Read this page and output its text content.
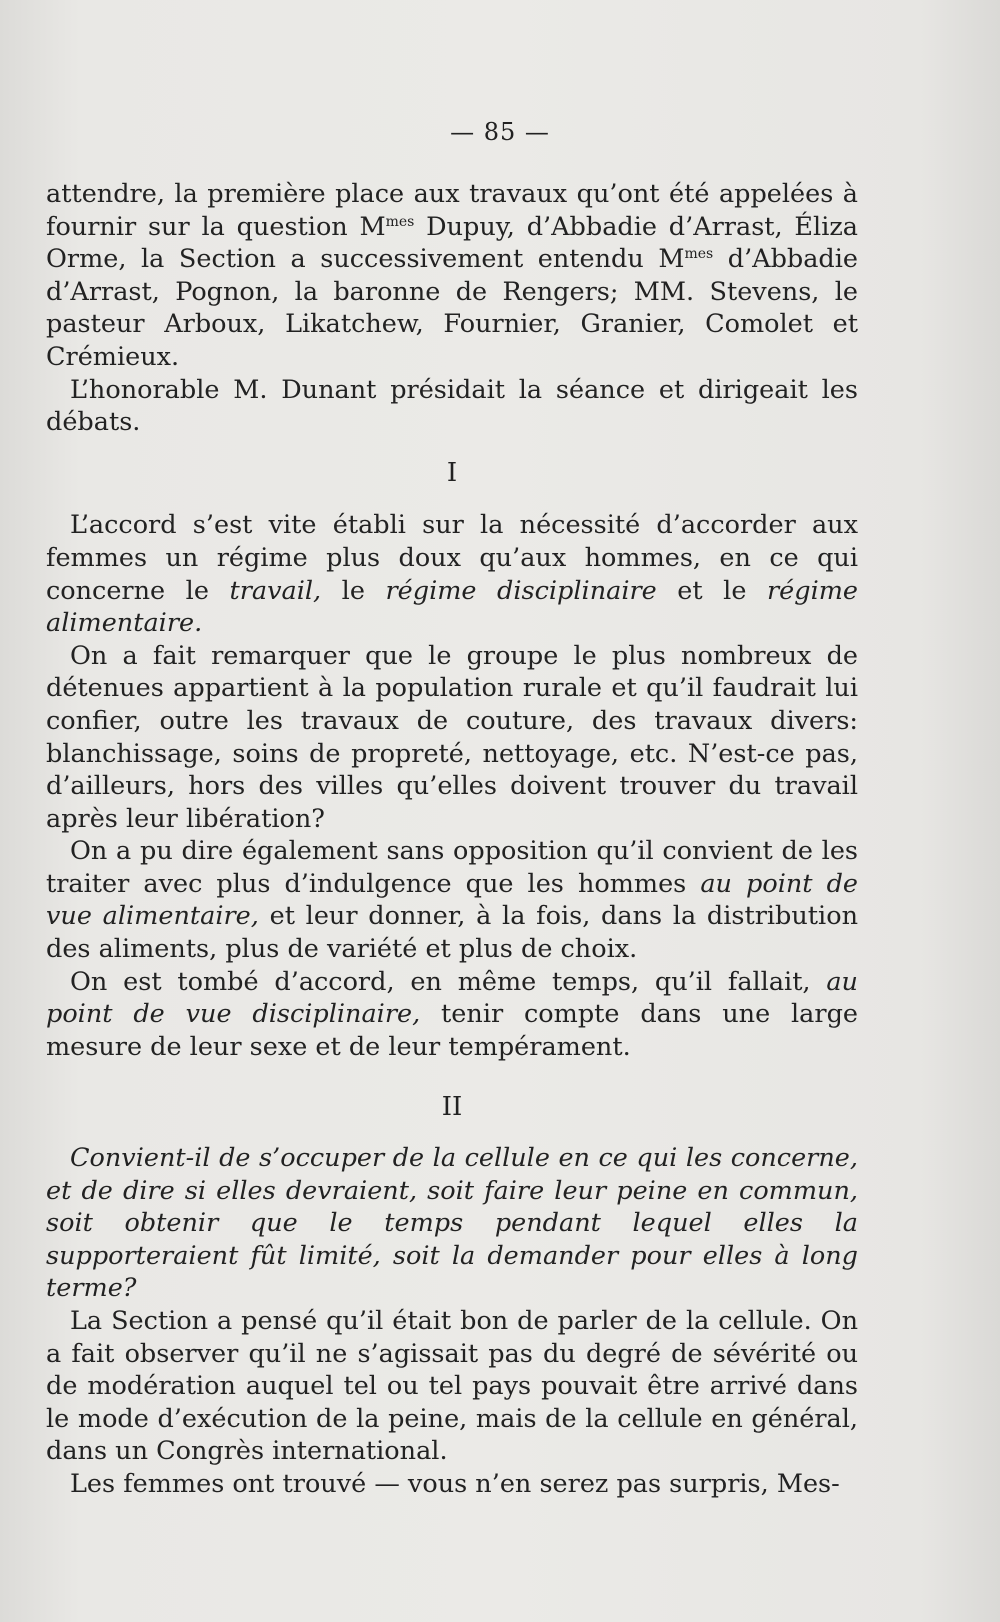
— 85 —

attendre, la première place aux travaux qu’ont été appelées à fournir sur la question $M^{mes}$ Dupuy, d’Abbadie d’Arrast, Éliza Orme, la Section a successivement entendu $M^{mes}$ d’Abbadie d’Arrast, Pognon, la baronne de Rengers; MM. Stevens, le pasteur Arboux, Likatchew, Fournier, Granier, Comolet et Crémieux.

L’honorable M. Dunant présidait la séance et dirigeait les débats.

I

L’accord s’est vite établi sur la nécessité d’accorder aux femmes un régime plus doux qu’aux hommes, en ce qui concerne le travail, le régime disciplinaire et le régime alimentaire.

On a fait remarquer que le groupe le plus nombreux de détenues appartient à la population rurale et qu’il faudrait lui confier, outre les travaux de couture, des travaux divers: blanchissage, soins de propreté, nettoyage, etc. N’est-ce pas, d’ailleurs, hors des villes qu’elles doivent trouver du travail après leur libération?

On a pu dire également sans opposition qu’il convient de les traiter avec plus d’indulgence que les hommes au point de vue alimentaire, et leur donner, à la fois, dans la distribution des aliments, plus de variété et plus de choix.

On est tombé d’accord, en même temps, qu’il fallait, au point de vue disciplinaire, tenir compte dans une large mesure de leur sexe et de leur tempérament.

II

Convient-il de s’occuper de la cellule en ce qui les concerne, et de dire si elles devraient, soit faire leur peine en commun, soit obtenir que le temps pendant lequel elles la supporteraient fût limité, soit la demander pour elles à long terme?

La Section a pensé qu’il était bon de parler de la cellule. On a fait observer qu’il ne s’agissait pas du degré de sévérité ou de modération auquel tel ou tel pays pouvait être arrivé dans le mode d’exécution de la peine, mais de la cellule en général, dans un Congrès international.

Les femmes ont trouvé — vous n’en serez pas surpris, Mes-
